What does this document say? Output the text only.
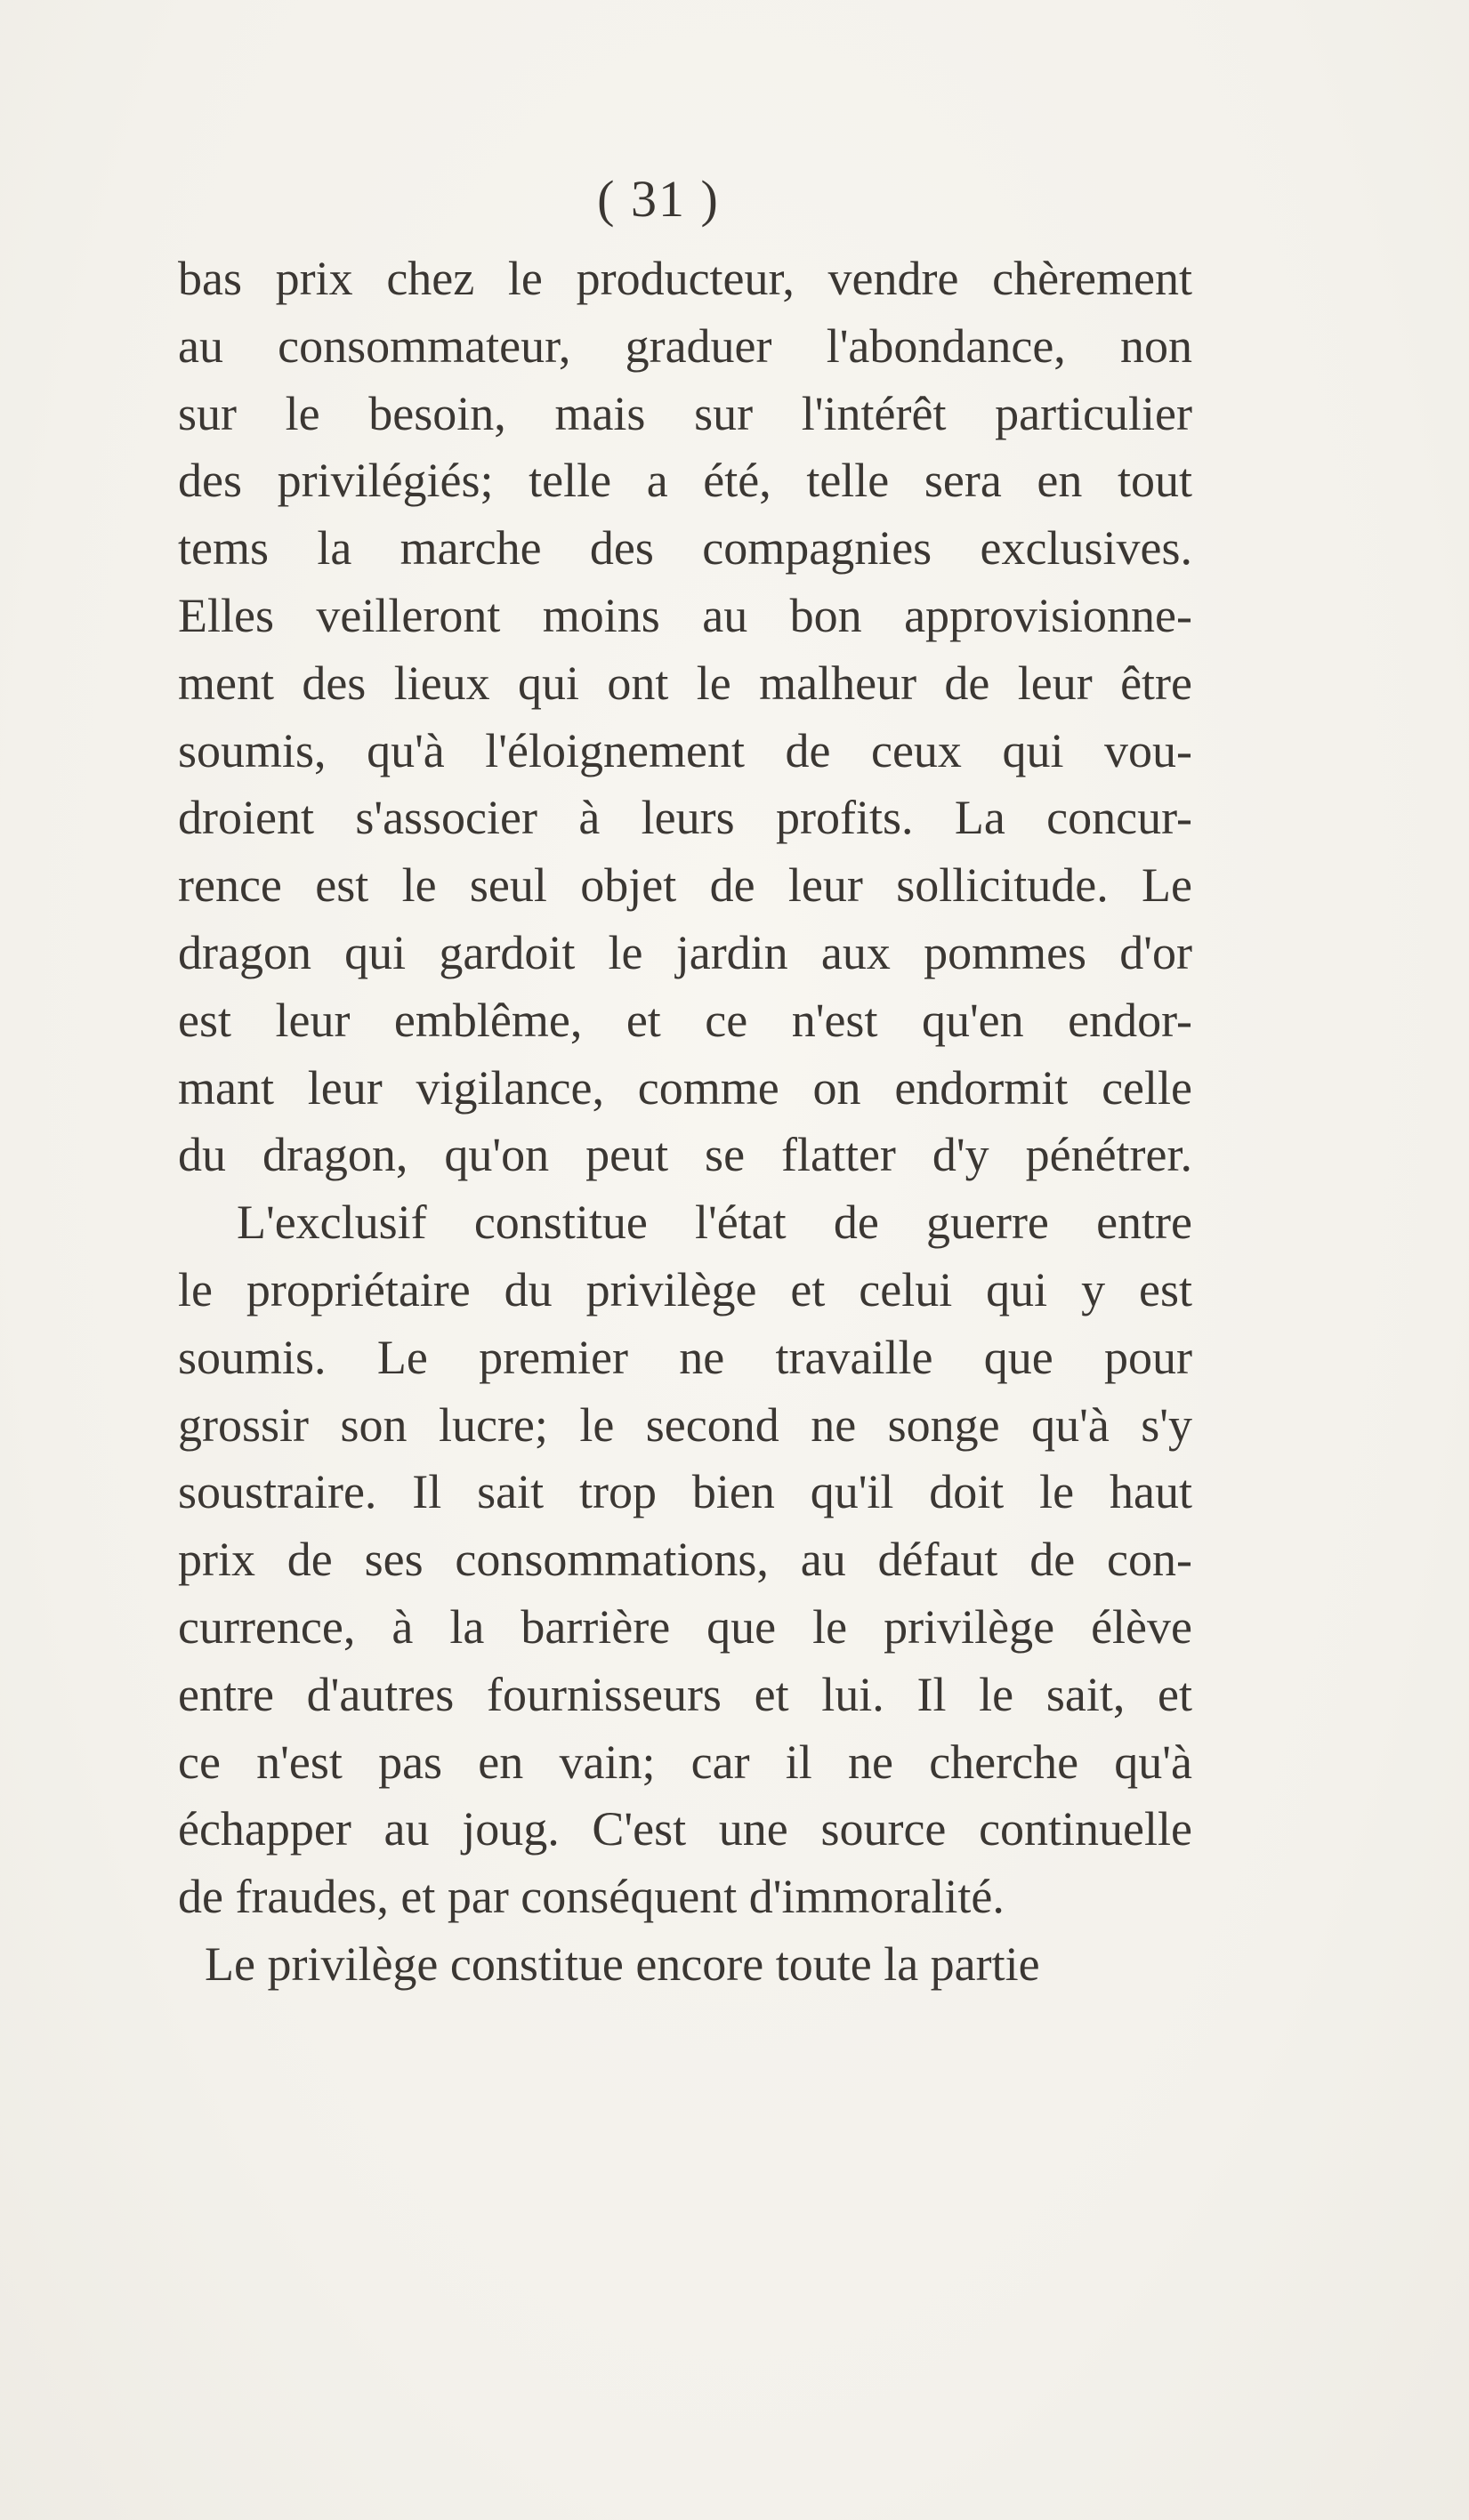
( 31 )
bas prix chez le producteur, vendre chèrement
au consommateur, graduer l'abondance, non
sur le besoin, mais sur l'intérêt particulier
des privilégiés; telle a été, telle sera en tout
tems la marche des compagnies exclusives.
Elles veilleront moins au bon approvisionne-
ment des lieux qui ont le malheur de leur être
soumis, qu'à l'éloignement de ceux qui vou-
droient s'associer à leurs profits. La concur-
rence est le seul objet de leur sollicitude. Le
dragon qui gardoit le jardin aux pommes d'or
est leur emblême, et ce n'est qu'en endor-
mant leur vigilance, comme on endormit celle
du dragon, qu'on peut se flatter d'y pénétrer.
L'exclusif constitue l'état de guerre entre
le propriétaire du privilège et celui qui y est
soumis. Le premier ne travaille que pour
grossir son lucre; le second ne songe qu'à s'y
soustraire. Il sait trop bien qu'il doit le haut
prix de ses consommations, au défaut de con-
currence, à la barrière que le privilège élève
entre d'autres fournisseurs et lui. Il le sait, et
ce n'est pas en vain; car il ne cherche qu'à
échapper au joug. C'est une source continuelle
de fraudes, et par conséquent d'immoralité.
Le privilège constitue encore toute la partie
